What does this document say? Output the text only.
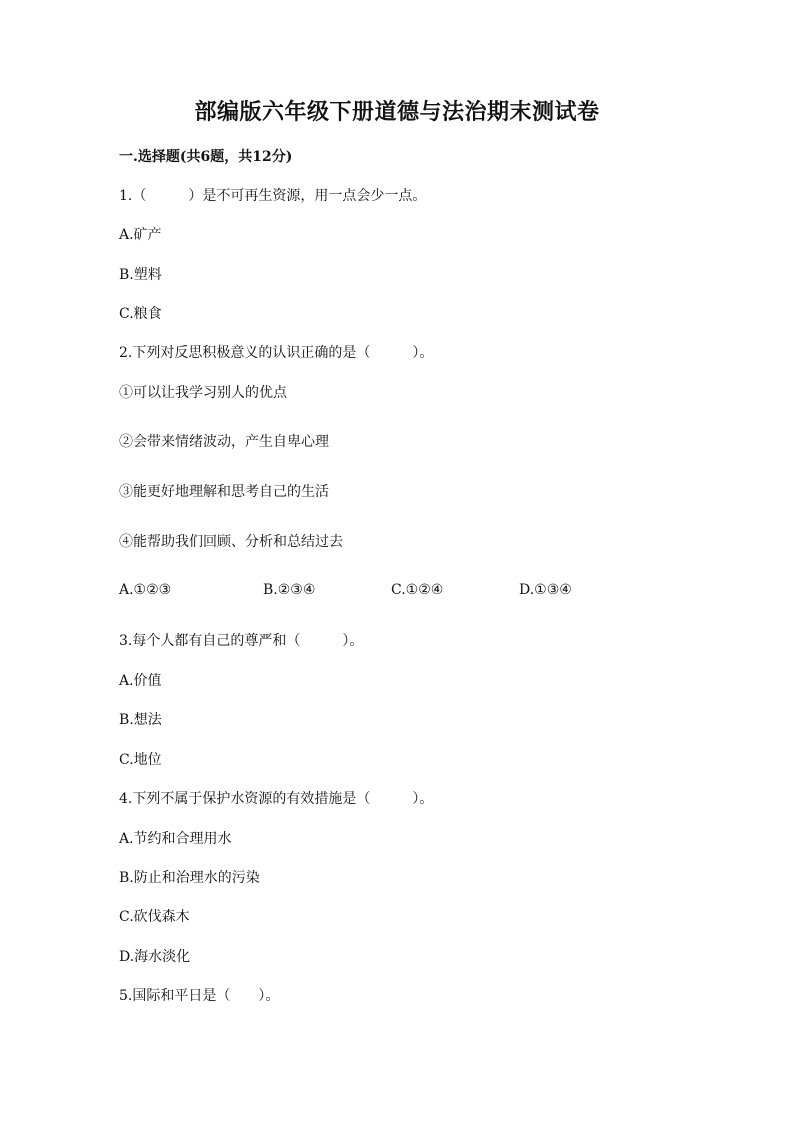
部编版六年级下册道德与法治期末测试卷
一.选择题(共6题，共12分)
1.（　　　）是不可再生资源，用一点会少一点。
A.矿产
B.塑料
C.粮食
2.下列对反思积极意义的认识正确的是（　　　）。
①可以让我学习别人的优点
②会带来情绪波动，产生自卑心理
③能更好地理解和思考自己的生活
④能帮助我们回顾、分析和总结过去
A.①②③	B.②③④	C.①②④	D.①③④
3.每个人都有自己的尊严和（　　　）。
A.价值
B.想法
C.地位
4.下列不属于保护水资源的有效措施是（　　　）。
A.节约和合理用水
B.防止和治理水的污染
C.砍伐森木
D.海水淡化
5.国际和平日是（　　）。
